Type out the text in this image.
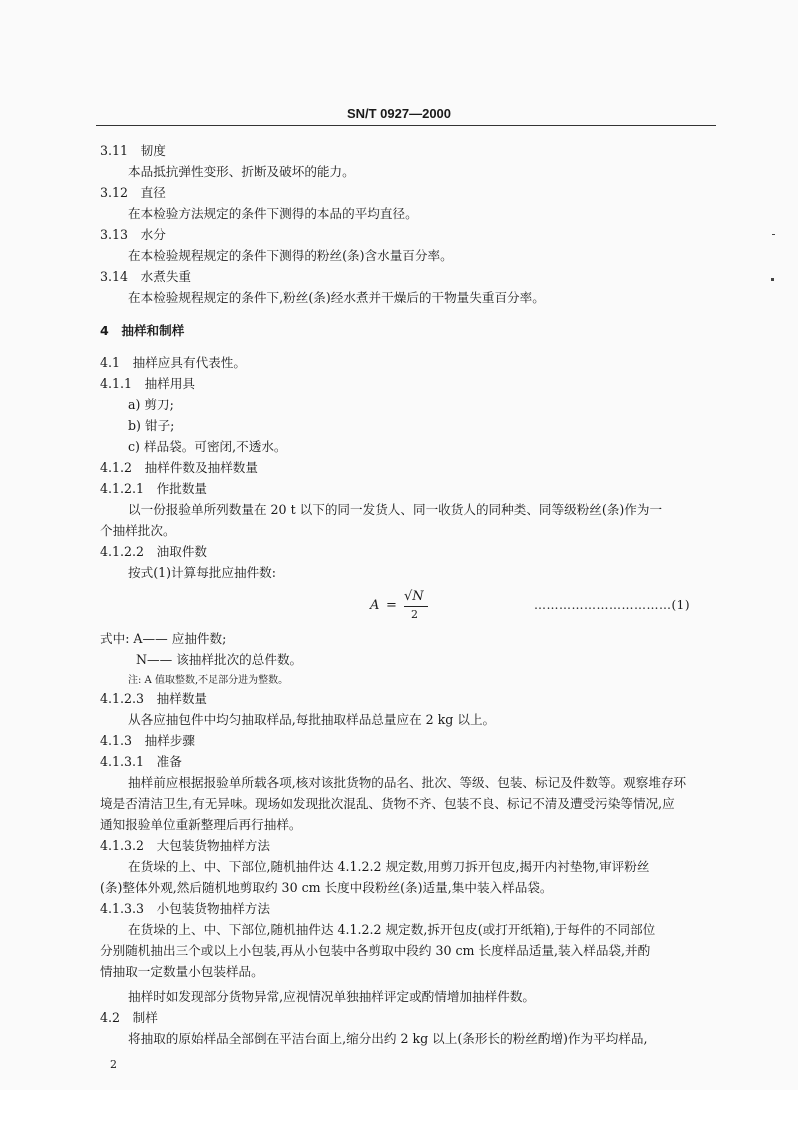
SN/T 0927—2000
3.11　韧度
本品抵抗弹性变形、折断及破坏的能力。
3.12　直径
在本检验方法规定的条件下测得的本品的平均直径。
3.13　水分
在本检验规程规定的条件下测得的粉丝(条)含水量百分率。
3.14　水煮失重
在本检验规程规定的条件下,粉丝(条)经水煮并干燥后的干物量失重百分率。
4　抽样和制样
4.1　抽样应具有代表性。
4.1.1　抽样用具
a) 剪刀;
b) 钳子;
c) 样品袋。可密闭,不透水。
4.1.2　抽样件数及抽样数量
4.1.2.1　作批数量
以一份报验单所列数量在 20 t 以下的同一发货人、同一收货人的同种类、同等级粉丝(条)作为一
个抽样批次。
4.1.2.2　油取件数
按式(1)计算每批应抽件数:
A =
√N
2
……………………………(1)
式中: A—— 应抽件数;
N—— 该抽样批次的总件数。
注: A 值取整数,不足部分进为整数。
4.1.2.3　抽样数量
从各应抽包件中均匀抽取样品,每批抽取样品总量应在 2 kg 以上。
4.1.3　抽样步骤
4.1.3.1　准备
抽样前应根据报验单所载各项,核对该批货物的品名、批次、等级、包装、标记及件数等。观察堆存环
境是否清洁卫生,有无异味。现场如发现批次混乱、货物不齐、包装不良、标记不清及遭受污染等情况,应
通知报验单位重新整理后再行抽样。
4.1.3.2　大包装货物抽样方法
在货垛的上、中、下部位,随机抽件达 4.1.2.2 规定数,用剪刀拆开包皮,揭开内衬垫物,审评粉丝
(条)整体外观,然后随机地剪取约 30 cm 长度中段粉丝(条)适量,集中装入样品袋。
4.1.3.3　小包装货物抽样方法
在货垛的上、中、下部位,随机抽件达 4.1.2.2 规定数,拆开包皮(或打开纸箱),于每件的不同部位
分别随机抽出三个或以上小包装,再从小包装中各剪取中段约 30 cm 长度样品适量,装入样品袋,并酌
情抽取一定数量小包装样品。
抽样时如发现部分货物异常,应视情况单独抽样评定或酌情增加抽样件数。
4.2　制样
将抽取的原始样品全部倒在平洁台面上,缩分出约 2 kg 以上(条形长的粉丝酌增)作为平均样品,
2
